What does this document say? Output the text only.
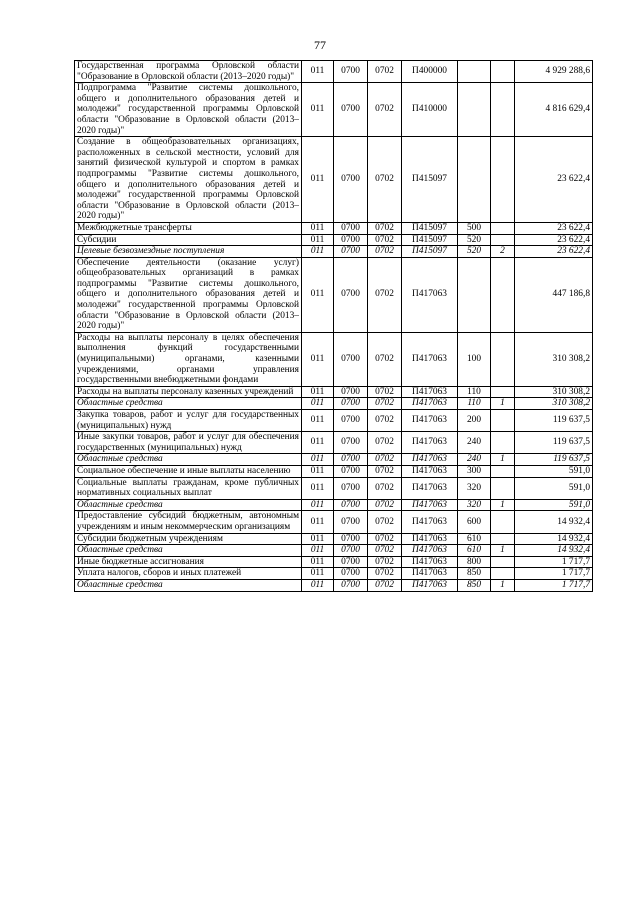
77
Государственная программа Орловской области "Образование в Орловской области (2013–2020 годы)"	011	0700	0702	П400000			4 929 288,6
Подпрограмма "Развитие системы дошкольного, общего и дополнительного образования детей и молодежи" государственной программы Орловской области "Образование в Орловской области (2013–2020 годы)"	011	0700	0702	П410000			4 816 629,4
Создание в общеобразовательных организациях, расположенных в сельской местности, условий для занятий физической культурой и спортом в рамках подпрограммы "Развитие системы дошкольного, общего и дополнительного образования детей и молодежи" государственной программы Орловской области "Образование в Орловской области (2013–2020 годы)"	011	0700	0702	П415097			23 622,4
Межбюджетные трансферты	011	0700	0702	П415097	500		23 622,4
Субсидии	011	0700	0702	П415097	520		23 622,4
Целевые безвозмездные поступления	011	0700	0702	П415097	520	2	23 622,4
Обеспечение деятельности (оказание услуг) общеобразовательных организаций в рамках подпрограммы "Развитие системы дошкольного, общего и дополнительного образования детей и молодежи" государственной программы Орловской области "Образование в Орловской области (2013–2020 годы)"	011	0700	0702	П417063			447 186,8
Расходы на выплаты персоналу в целях обеспечения выполнения функций государственными (муниципальными) органами, казенными учреждениями, органами управления государственными внебюджетными фондами	011	0700	0702	П417063	100		310 308,2
Расходы на выплаты персоналу казенных учреждений	011	0700	0702	П417063	110		310 308,2
Областные средства	011	0700	0702	П417063	110	1	310 308,2
Закупка товаров, работ и услуг для государственных (муниципальных) нужд	011	0700	0702	П417063	200		119 637,5
Иные закупки товаров, работ и услуг для обеспечения государственных (муниципальных) нужд	011	0700	0702	П417063	240		119 637,5
Областные средства	011	0700	0702	П417063	240	1	119 637,5
Социальное обеспечение и иные выплаты населению	011	0700	0702	П417063	300		591,0
Социальные выплаты гражданам, кроме публичных нормативных социальных выплат	011	0700	0702	П417063	320		591,0
Областные средства	011	0700	0702	П417063	320	1	591,0
Предоставление субсидий бюджетным, автономным учреждениям и иным некоммерческим организациям	011	0700	0702	П417063	600		14 932,4
Субсидии бюджетным учреждениям	011	0700	0702	П417063	610		14 932,4
Областные средства	011	0700	0702	П417063	610	1	14 932,4
Иные бюджетные ассигнования	011	0700	0702	П417063	800		1 717,7
Уплата налогов, сборов и иных платежей	011	0700	0702	П417063	850		1 717,7
Областные средства	011	0700	0702	П417063	850	1	1 717,7
